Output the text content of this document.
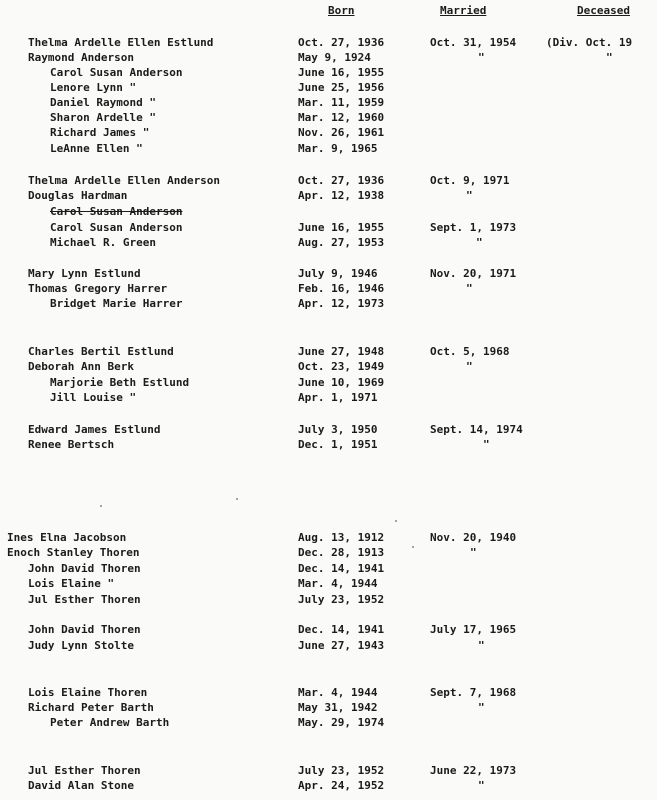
Born	Married	Deceased
Thelma Ardelle Ellen Estlund	Oct. 27, 1936	Oct. 31, 1954	(Div. Oct. 19
Raymond Anderson	May 9, 1924	"	"
Carol Susan Anderson	June 16, 1955
Lenore Lynn "	June 25, 1956
Daniel Raymond "	Mar. 11, 1959
Sharon Ardelle "	Mar. 12, 1960
Richard James "	Nov. 26, 1961
LeAnne Ellen "	Mar. 9, 1965
Thelma Ardelle Ellen Anderson	Oct. 27, 1936	Oct. 9, 1971
Douglas Hardman	Apr. 12, 1938	"
Carol Susan Anderson
Carol Susan Anderson	June 16, 1955	Sept. 1, 1973
Michael R. Green	Aug. 27, 1953	"
Mary Lynn Estlund	July 9, 1946	Nov. 20, 1971
Thomas Gregory Harrer	Feb. 16, 1946	"
Bridget Marie Harrer	Apr. 12, 1973
Charles Bertil Estlund	June 27, 1948	Oct. 5, 1968
Deborah Ann Berk	Oct. 23, 1949	"
Marjorie Beth Estlund	June 10, 1969
Jill Louise "	Apr. 1, 1971
Edward James Estlund	July 3, 1950	Sept. 14, 1974
Renee Bertsch	Dec. 1, 1951	"
Ines Elna Jacobson	Aug. 13, 1912	Nov. 20, 1940
Enoch Stanley Thoren	Dec. 28, 1913	"
John David Thoren	Dec. 14, 1941
Lois Elaine "	Mar. 4, 1944
Jul Esther Thoren	July 23, 1952
John David Thoren	Dec. 14, 1941	July 17, 1965
Judy Lynn Stolte	June 27, 1943	"
Lois Elaine Thoren	Mar. 4, 1944	Sept. 7, 1968
Richard Peter Barth	May 31, 1942	"
Peter Andrew Barth	May. 29, 1974
Jul Esther Thoren	July 23, 1952	June 22, 1973
David Alan Stone	Apr. 24, 1952	"
